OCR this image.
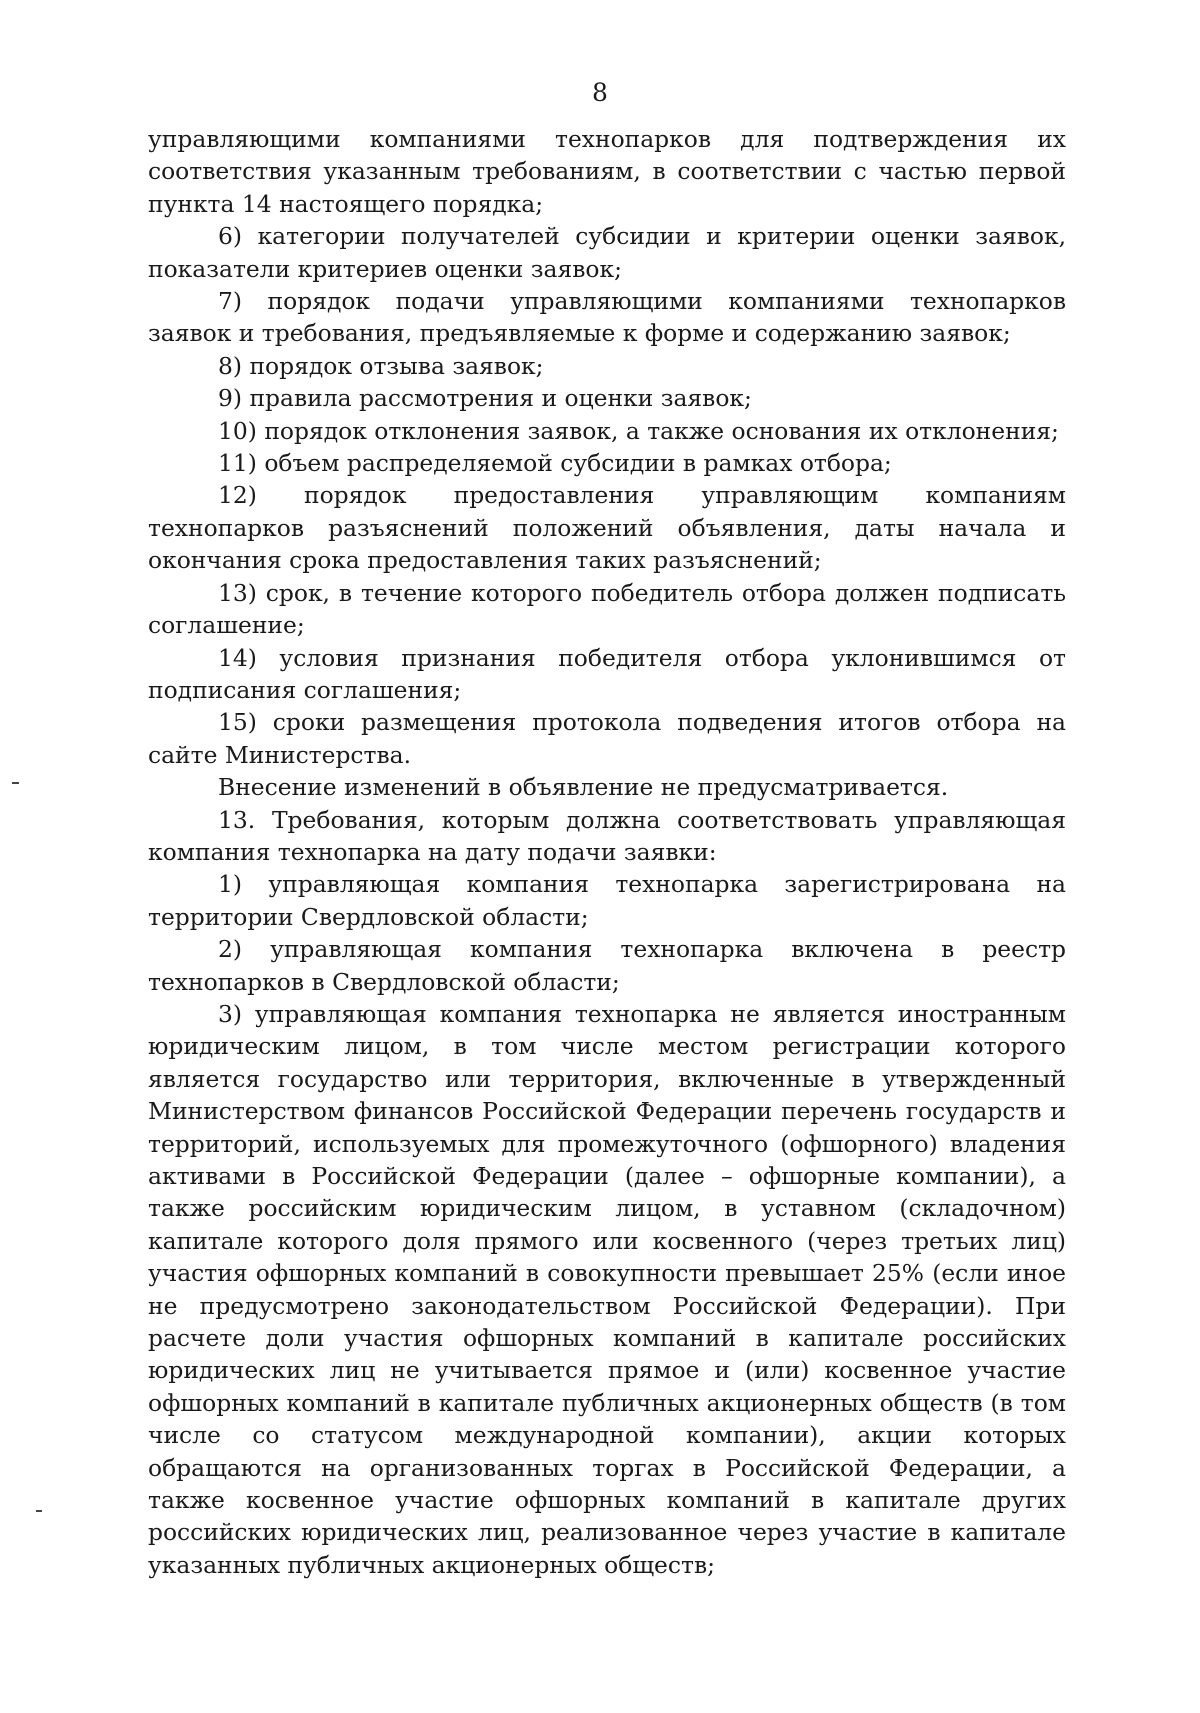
8

управляющими компаниями технопарков для подтверждения их соответствия указанным требованиям, в соответствии с частью первой пункта 14 настоящего порядка;

6) категории получателей субсидии и критерии оценки заявок, показатели критериев оценки заявок;

7) порядок подачи управляющими компаниями технопарков заявок и требования, предъявляемые к форме и содержанию заявок;

8) порядок отзыва заявок;

9) правила рассмотрения и оценки заявок;

10) порядок отклонения заявок, а также основания их отклонения;

11) объем распределяемой субсидии в рамках отбора;

12) порядок предоставления управляющим компаниям технопарков разъяснений положений объявления, даты начала и окончания срока предоставления таких разъяснений;

13) срок, в течение которого победитель отбора должен подписать соглашение;

14) условия признания победителя отбора уклонившимся от подписания соглашения;

15) сроки размещения протокола подведения итогов отбора на сайте Министерства.

Внесение изменений в объявление не предусматривается.

13. Требования, которым должна соответствовать управляющая компания технопарка на дату подачи заявки:

1) управляющая компания технопарка зарегистрирована на территории Свердловской области;

2) управляющая компания технопарка включена в реестр технопарков в Свердловской области;

3) управляющая компания технопарка не является иностранным юридическим лицом, в том числе местом регистрации которого является государство или территория, включенные в утвержденный Министерством финансов Российской Федерации перечень государств и территорий, используемых для промежуточного (офшорного) владения активами в Российской Федерации (далее – офшорные компании), а также российским юридическим лицом, в уставном (складочном) капитале которого доля прямого или косвенного (через третьих лиц) участия офшорных компаний в совокупности превышает 25% (если иное не предусмотрено законодательством Российской Федерации). При расчете доли участия офшорных компаний в капитале российских юридических лиц не учитывается прямое и (или) косвенное участие офшорных компаний в капитале публичных акционерных обществ (в том числе со статусом международной компании), акции которых обращаются на организованных торгах в Российской Федерации, а также косвенное участие офшорных компаний в капитале других российских юридических лиц, реализованное через участие в капитале указанных публичных акционерных обществ;
